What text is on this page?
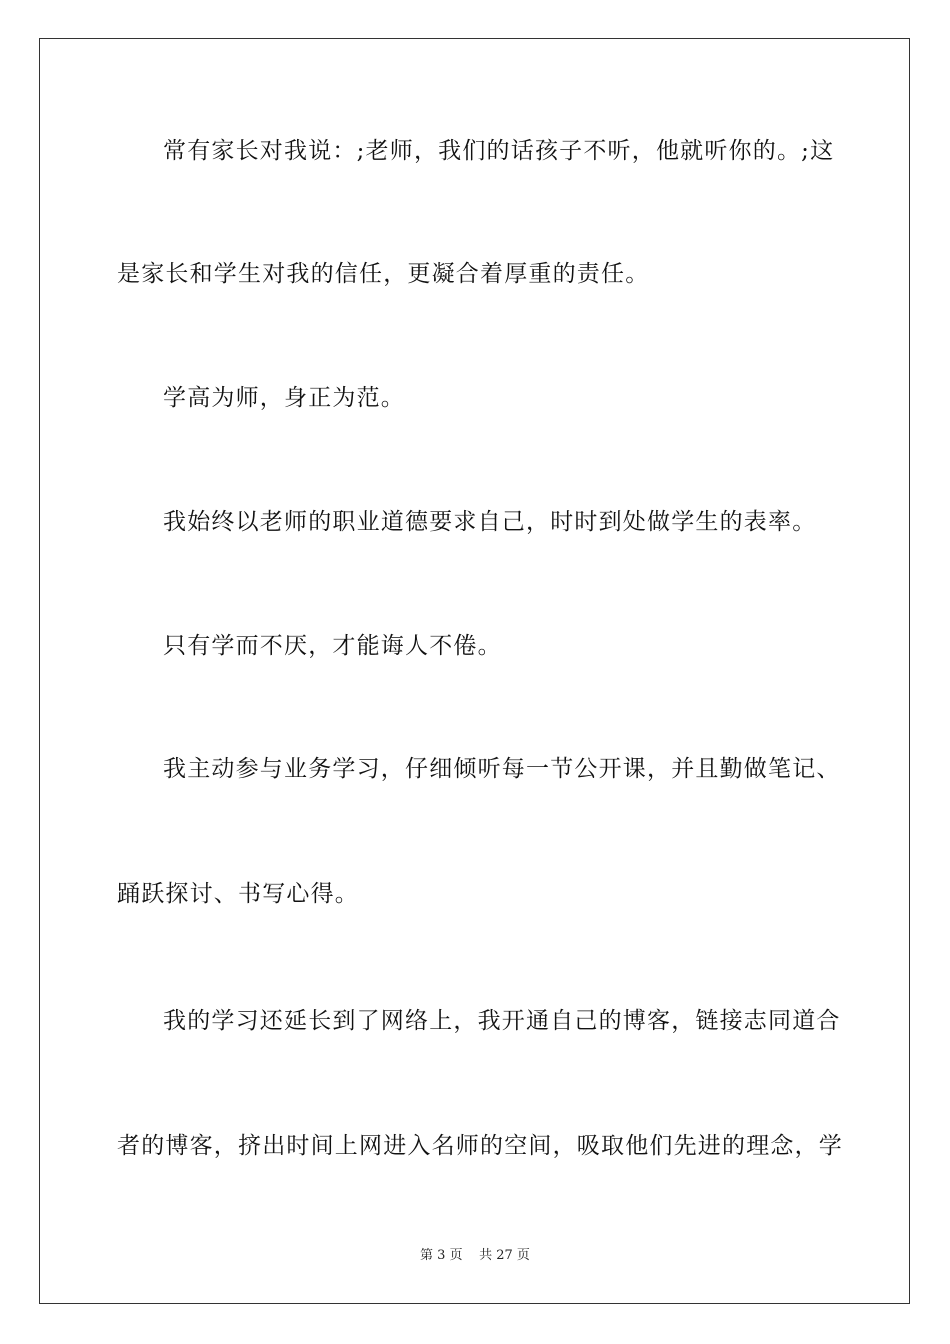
常有家长对我说：;老师，我们的话孩子不听，他就听你的。;这
是家长和学生对我的信任，更凝合着厚重的责任。
学高为师，身正为范。
我始终以老师的职业道德要求自己，时时到处做学生的表率。
只有学而不厌，才能诲人不倦。
我主动参与业务学习，仔细倾听每一节公开课，并且勤做笔记、
踊跃探讨、书写心得。
我的学习还延长到了网络上，我开通自己的博客，链接志同道合
者的博客，挤出时间上网进入名师的空间，吸取他们先进的理念，学
第 3 页 共 27 页
